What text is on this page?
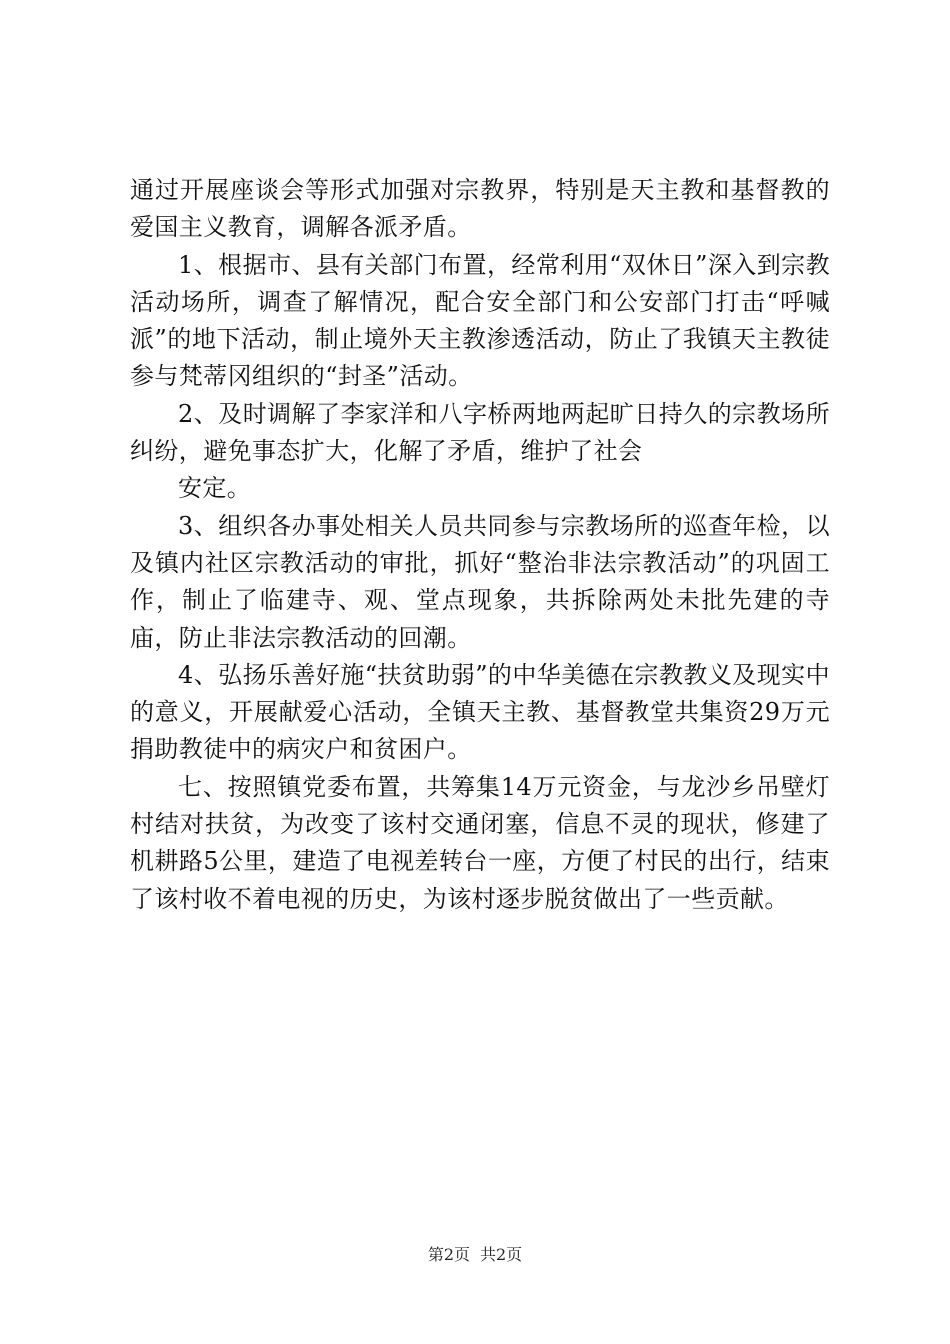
通过开展座谈会等形式加强对宗教界，特别是天主教和基督教的爱国主义教育，调解各派矛盾。

1、根据市、县有关部门布置，经常利用“双休日”深入到宗教活动场所，调查了解情况，配合安全部门和公安部门打击“呼喊派”的地下活动，制止境外天主教渗透活动，防止了我镇天主教徒参与梵蒂冈组织的“封圣”活动。

2、及时调解了李家洋和八字桥两地两起旷日持久的宗教场所纠纷，避免事态扩大，化解了矛盾，维护了社会

安定。

3、组织各办事处相关人员共同参与宗教场所的巡查年检，以及镇内社区宗教活动的审批，抓好“整治非法宗教活动”的巩固工作，制止了临建寺、观、堂点现象，共拆除两处未批先建的寺庙，防止非法宗教活动的回潮。

4、弘扬乐善好施“扶贫助弱”的中华美德在宗教教义及现实中的意义，开展献爱心活动，全镇天主教、基督教堂共集资29万元捐助教徒中的病灾户和贫困户。

七、按照镇党委布置，共筹集14万元资金，与龙沙乡吊壁灯村结对扶贫，为改变了该村交通闭塞，信息不灵的现状，修建了机耕路5公里，建造了电视差转台一座，方便了村民的出行，结束了该村收不着电视的历史，为该村逐步脱贫做出了一些贡献。

第2页 共2页
